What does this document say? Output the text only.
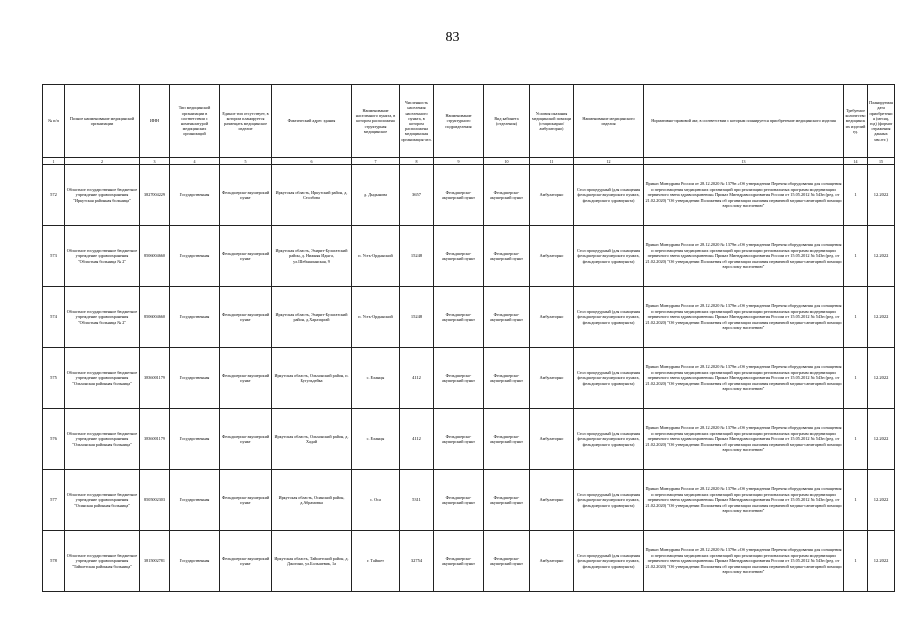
83
№ п/п	Полное наименование медицинской организации	ИНН	Тип медицинской организации в соответствии с номенклатурой медицинских организаций	Единое тип отсутствует, в котором планируется размещать медицинское изделие	Фактический адрес здания	Наименование населенного пункта, в котором расположена структурная медицинское	Численность населения населенного пункта, в котором расположена медицинская организация чел.	Наименование структурного подразделения	Вид кабинета (отделения)	Условия оказания медицинской помощи (стационарно/амбулаторно)	Наименование медицинского изделия	Нормативно-правовой акт, в соответствии с которым планируется приобретение медицинского изделия	Требуемое количество медицинских изделий ед.	Планируемая дата приобретения (месяц, год) (формат отражения данных мм.ггг.)
1	2	3	4	5	6	7	8	9	10	11	12	13	14	15
572	Областное государственное бюджетное учреждение здравоохранения "Иркутская районная больница"	3827004229	Государственная	Фельдшерско-акушерский пункт	Иркутская область, Иркутский район, д. Столбова	д. Дыдынова	3657	Фельдшерско-акушерский пункт	Фельдшерско-акушерский пункт	Амбулаторно	Стол процедурный (для оснащения фельдшерско-акушерского пункта, фельдшерского здравпункта)	Приказ Минздрава России от 28.12.2020 № 1379н «Об утверждении Перечня оборудования для оснащения и переоснащения медицинских организаций при реализации региональных программ модернизации первичного звена здравоохранения» Приказ Минздравсоцразвития России от 15.05.2012 № 543н (ред. от 21.02.2020) "Об утверждении Положения об организации оказания первичной медико-санитарной помощи взрослому населению"	1	12.2022
573	Областное государственное бюджетное учреждение здравоохранения "Областная больница № 2"	8506004660	Государственная	Фельдшерско-акушерский пункт	Иркутская область, Эхирит-Булагатский район, д. Нижняя Идыга, ул.Шебыкиннская, 9	п. Усть-Ордынский	15248	Фельдшерско-акушерский пункт	Фельдшерско-акушерский пункт	Амбулаторно	Стол процедурный (для оснащения фельдшерско-акушерского пункта, фельдшерского здравпункта)	Приказ Минздрава России от 28.12.2020 № 1379н «Об утверждении Перечня оборудования для оснащения и переоснащения медицинских организаций при реализации региональных программ модернизации первичного звена здравоохранения» Приказ Минздравсоцразвития России от 15.05.2012 № 543н (ред. от 21.02.2020) "Об утверждении Положения об организации оказания первичной медико-санитарной помощи взрослому населению"	1	12.2022
574	Областное государственное бюджетное учреждение здравоохранения "Областная больница № 2"	8506004660	Государственная	Фельдшерско-акушерский пункт	Иркутская область, Эхирит-Булагатский район, д.Харазаргай	п. Усть-Ордынский	15248	Фельдшерско-акушерский пункт	Фельдшерско-акушерский пункт	Амбулаторно	Стол процедурный (для оснащения фельдшерско-акушерского пункта, фельдшерского здравпункта)	Приказ Минздрава России от 28.12.2020 № 1379н «Об утверждении Перечня оборудования для оснащения и переоснащения медицинских организаций при реализации региональных программ модернизации первичного звена здравоохранения» Приказ Минздравсоцразвития России от 15.05.2012 № 543н (ред. от 21.02.2020) "Об утверждении Положения об организации оказания первичной медико-санитарной помощи взрослому населению"	1	12.2022
575	Областное государственное бюджетное учреждение здравоохранения "Ольхонская районная больница"	3836001179	Государственная	Фельдшерско-акушерский пункт	Иркутская область, Ольхонский район, п. Бугульдейка	с. Еланцы	4112	Фельдшерско-акушерский пункт	Фельдшерско-акушерский пункт	Амбулаторно	Стол процедурный (для оснащения фельдшерско-акушерского пункта, фельдшерского здравпункта)	Приказ Минздрава России от 28.12.2020 № 1379н «Об утверждении Перечня оборудования для оснащения и переоснащения медицинских организаций при реализации региональных программ модернизации первичного звена здравоохранения» Приказ Минздравсоцразвития России от 15.05.2012 № 543н (ред. от 21.02.2020) "Об утверждении Положения об организации оказания первичной медико-санитарной помощи взрослому населению"	1	12.2022
576	Областное государственное бюджетное учреждение здравоохранения "Ольхонская районная больница"	3836001179	Государственная	Фельдшерско-акушерский пункт	Иркутская область, Ольхонский район, д. Хадай	с. Еланцы	4112	Фельдшерско-акушерский пункт	Фельдшерско-акушерский пункт	Амбулаторно	Стол процедурный (для оснащения фельдшерско-акушерского пункта, фельдшерского здравпункта)	Приказ Минздрава России от 28.12.2020 № 1379н «Об утверждении Перечня оборудования для оснащения и переоснащения медицинских организаций при реализации региональных программ модернизации первичного звена здравоохранения» Приказ Минздравсоцразвития России от 15.05.2012 № 543н (ред. от 21.02.2020) "Об утверждении Положения об организации оказания первичной медико-санитарной помощи взрослому населению"	1	12.2022
577	Областное государственное бюджетное учреждение здравоохранения "Осинская районная больница"	8505002303	Государственная	Фельдшерско-акушерский пункт	Иркутская область, Осинский район, д.Абрамовка	с. Оса	5311	Фельдшерско-акушерский пункт	Фельдшерско-акушерский пункт	Амбулаторно	Стол процедурный (для оснащения фельдшерско-акушерского пункта, фельдшерского здравпункта)	Приказ Минздрава России от 28.12.2020 № 1379н «Об утверждении Перечня оборудования для оснащения и переоснащения медицинских организаций при реализации региональных программ модернизации первичного звена здравоохранения» Приказ Минздравсоцразвития России от 15.05.2012 № 543н (ред. от 21.02.2020) "Об утверждении Положения об организации оказания первичной медико-санитарной помощи взрослому населению"	1	12.2022
578	Областное государственное бюджетное учреждение здравоохранения "Тайшетская районная больница"	3815002781	Государственная	Фельдшерско-акушерский пункт	Иркутская область, Тайшетский район, д. Джогино, ул.Большевик, 1а	г. Тайшет	32754	Фельдшерско-акушерский пункт	Фельдшерско-акушерский пункт	Амбулаторно	Стол процедурный (для оснащения фельдшерско-акушерского пункта, фельдшерского здравпункта)	Приказ Минздрава России от 28.12.2020 № 1379н «Об утверждении Перечня оборудования для оснащения и переоснащения медицинских организаций при реализации региональных программ модернизации первичного звена здравоохранения» Приказ Минздравсоцразвития России от 15.05.2012 № 543н (ред. от 21.02.2020) "Об утверждении Положения об организации оказания первичной медико-санитарной помощи взрослому населению"	1	12.2022
